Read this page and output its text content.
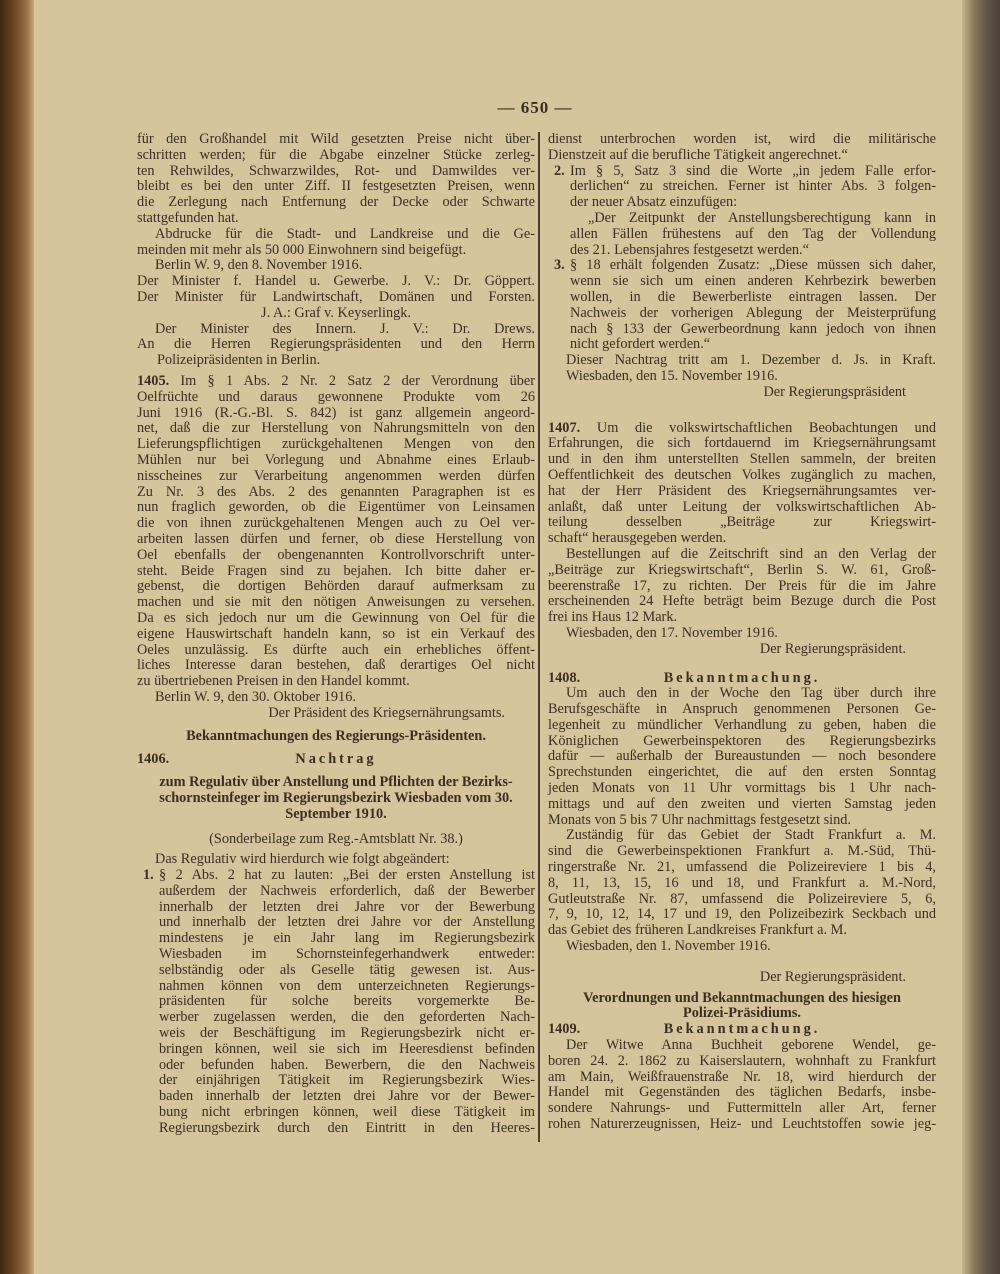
— 650 —
für den Großhandel mit Wild gesetzten Preise nicht über-
schritten werden; für die Abgabe einzelner Stücke zerleg-
ten Rehwildes, Schwarzwildes, Rot- und Damwildes ver-
bleibt es bei den unter Ziff. II festgesetzten Preisen, wenn
die Zerlegung nach Entfernung der Decke oder Schwarte
stattgefunden hat.
Abdrucke für die Stadt- und Landkreise und die Ge-
meinden mit mehr als 50 000 Einwohnern sind beigefügt.
Berlin W. 9, den 8. November 1916.
Der Minister f. Handel u. Gewerbe. J. V.: Dr. Göppert.
Der Minister für Landwirtschaft, Domänen und Forsten.
J. A.: Graf v. Keyserlingk.
Der Minister des Innern. J. V.: Dr. Drews.
An die Herren Regierungspräsidenten und den Herrn
Polizeipräsidenten in Berlin.
1405. Im § 1 Abs. 2 Nr. 2 Satz 2 der Verordnung über
Oelfrüchte und daraus gewonnene Produkte vom 26
Juni 1916 (R.-G.-Bl. S. 842) ist ganz allgemein angeord-
net, daß die zur Herstellung von Nahrungsmitteln von den
Lieferungspflichtigen zurückgehaltenen Mengen von den
Mühlen nur bei Vorlegung und Abnahme eines Erlaub-
nisscheines zur Verarbeitung angenommen werden dürfen
Zu Nr. 3 des Abs. 2 des genannten Paragraphen ist es
nun fraglich geworden, ob die Eigentümer von Leinsamen
die von ihnen zurückgehaltenen Mengen auch zu Oel ver-
arbeiten lassen dürfen und ferner, ob diese Herstellung von
Oel ebenfalls der obengenannten Kontrollvorschrift unter-
steht. Beide Fragen sind zu bejahen. Ich bitte daher er-
gebenst, die dortigen Behörden darauf aufmerksam zu
machen und sie mit den nötigen Anweisungen zu versehen.
Da es sich jedoch nur um die Gewinnung von Oel für die
eigene Hauswirtschaft handeln kann, so ist ein Verkauf des
Oeles unzulässig. Es dürfte auch ein erhebliches öffent-
liches Interesse daran bestehen, daß derartiges Oel nicht
zu übertriebenen Preisen in den Handel kommt.
Berlin W. 9, den 30. Oktober 1916.
Der Präsident des Kriegsernährungsamts.
Bekanntmachungen des Regierungs-Präsidenten.
1406.	Nachtrag
zum Regulativ über Anstellung und Pflichten der Bezirks-
schornsteinfeger im Regierungsbezirk Wiesbaden vom 30.
September 1910.
(Sonderbeilage zum Reg.-Amtsblatt Nr. 38.)
Das Regulativ wird hierdurch wie folgt abgeändert:
1. § 2 Abs. 2 hat zu lauten: „Bei der ersten Anstellung ist
außerdem der Nachweis erforderlich, daß der Bewerber
innerhalb der letzten drei Jahre vor der Bewerbung
und innerhalb der letzten drei Jahre vor der Anstellung
mindestens je ein Jahr lang im Regierungsbezirk
Wiesbaden im Schornsteinfegerhandwerk entweder:
selbständig oder als Geselle tätig gewesen ist. Aus-
nahmen können von dem unterzeichneten Regierungs-
präsidenten für solche bereits vorgemerkte Be-
werber zugelassen werden, die den geforderten Nach-
weis der Beschäftigung im Regierungsbezirk nicht er-
bringen können, weil sie sich im Heeresdienst befinden
oder befunden haben. Bewerbern, die den Nachweis
der einjährigen Tätigkeit im Regierungsbezirk Wies-
baden innerhalb der letzten drei Jahre vor der Bewer-
bung nicht erbringen können, weil diese Tätigkeit im
Regierungsbezirk durch den Eintritt in den Heeres-
dienst unterbrochen worden ist, wird die militärische
Dienstzeit auf die berufliche Tätigkeit angerechnet.“
2. Im § 5, Satz 3 sind die Worte „in jedem Falle erfor-
derlichen“ zu streichen. Ferner ist hinter Abs. 3 folgen-
der neuer Absatz einzufügen:
„Der Zeitpunkt der Anstellungsberechtigung kann in
allen Fällen frühestens auf den Tag der Vollendung
des 21. Lebensjahres festgesetzt werden.“
3. § 18 erhält folgenden Zusatz: „Diese müssen sich daher,
wenn sie sich um einen anderen Kehrbezirk bewerben
wollen, in die Bewerberliste eintragen lassen. Der
Nachweis der vorherigen Ablegung der Meisterprüfung
nach § 133 der Gewerbeordnung kann jedoch von ihnen
nicht gefordert werden.“
Dieser Nachtrag tritt am 1. Dezember d. Js. in Kraft.
Wiesbaden, den 15. November 1916.
Der Regierungspräsident
1407. Um die volkswirtschaftlichen Beobachtungen und
Erfahrungen, die sich fortdauernd im Kriegsernährungsamt
und in den ihm unterstellten Stellen sammeln, der breiten
Oeffentlichkeit des deutschen Volkes zugänglich zu machen,
hat der Herr Präsident des Kriegsernährungsamtes ver-
anlaßt, daß unter Leitung der volkswirtschaftlichen Ab-
teilung desselben „Beiträge zur Kriegswirt-
schaft“ herausgegeben werden.
Bestellungen auf die Zeitschrift sind an den Verlag der
„Beiträge zur Kriegswirtschaft“, Berlin S. W. 61, Groß-
beerenstraße 17, zu richten. Der Preis für die im Jahre
erscheinenden 24 Hefte beträgt beim Bezuge durch die Post
frei ins Haus 12 Mark.
Wiesbaden, den 17. November 1916.
Der Regierungspräsident.
1408.	Bekanntmachung.
Um auch den in der Woche den Tag über durch ihre
Berufsgeschäfte in Anspruch genommenen Personen Ge-
legenheit zu mündlicher Verhandlung zu geben, haben die
Königlichen Gewerbeinspektoren des Regierungsbezirks
dafür — außerhalb der Bureaustunden — noch besondere
Sprechstunden eingerichtet, die auf den ersten Sonntag
jeden Monats von 11 Uhr vormittags bis 1 Uhr nach-
mittags und auf den zweiten und vierten Samstag jeden
Monats von 5 bis 7 Uhr nachmittags festgesetzt sind.
Zuständig für das Gebiet der Stadt Frankfurt a. M.
sind die Gewerbeinspektionen Frankfurt a. M.-Süd, Thü-
ringerstraße Nr. 21, umfassend die Polizeireviere 1 bis 4,
8, 11, 13, 15, 16 und 18, und Frankfurt a. M.-Nord,
Gutleutstraße Nr. 87, umfassend die Polizeireviere 5, 6,
7, 9, 10, 12, 14, 17 und 19, den Polizeibezirk Seckbach und
das Gebiet des früheren Landkreises Frankfurt a. M.
Wiesbaden, den 1. November 1916.
Der Regierungspräsident.
Verordnungen und Bekanntmachungen des hiesigen
Polizei-Präsidiums.
1409.	Bekanntmachung.
Der Witwe Anna Buchheit geborene Wendel, ge-
boren 24. 2. 1862 zu Kaiserslautern, wohnhaft zu Frankfurt
am Main, Weißfrauenstraße Nr. 18, wird hierdurch der
Handel mit Gegenständen des täglichen Bedarfs, insbe-
sondere Nahrungs- und Futtermitteln aller Art, ferner
rohen Naturerzeugnissen, Heiz- und Leuchtstoffen sowie jeg-
